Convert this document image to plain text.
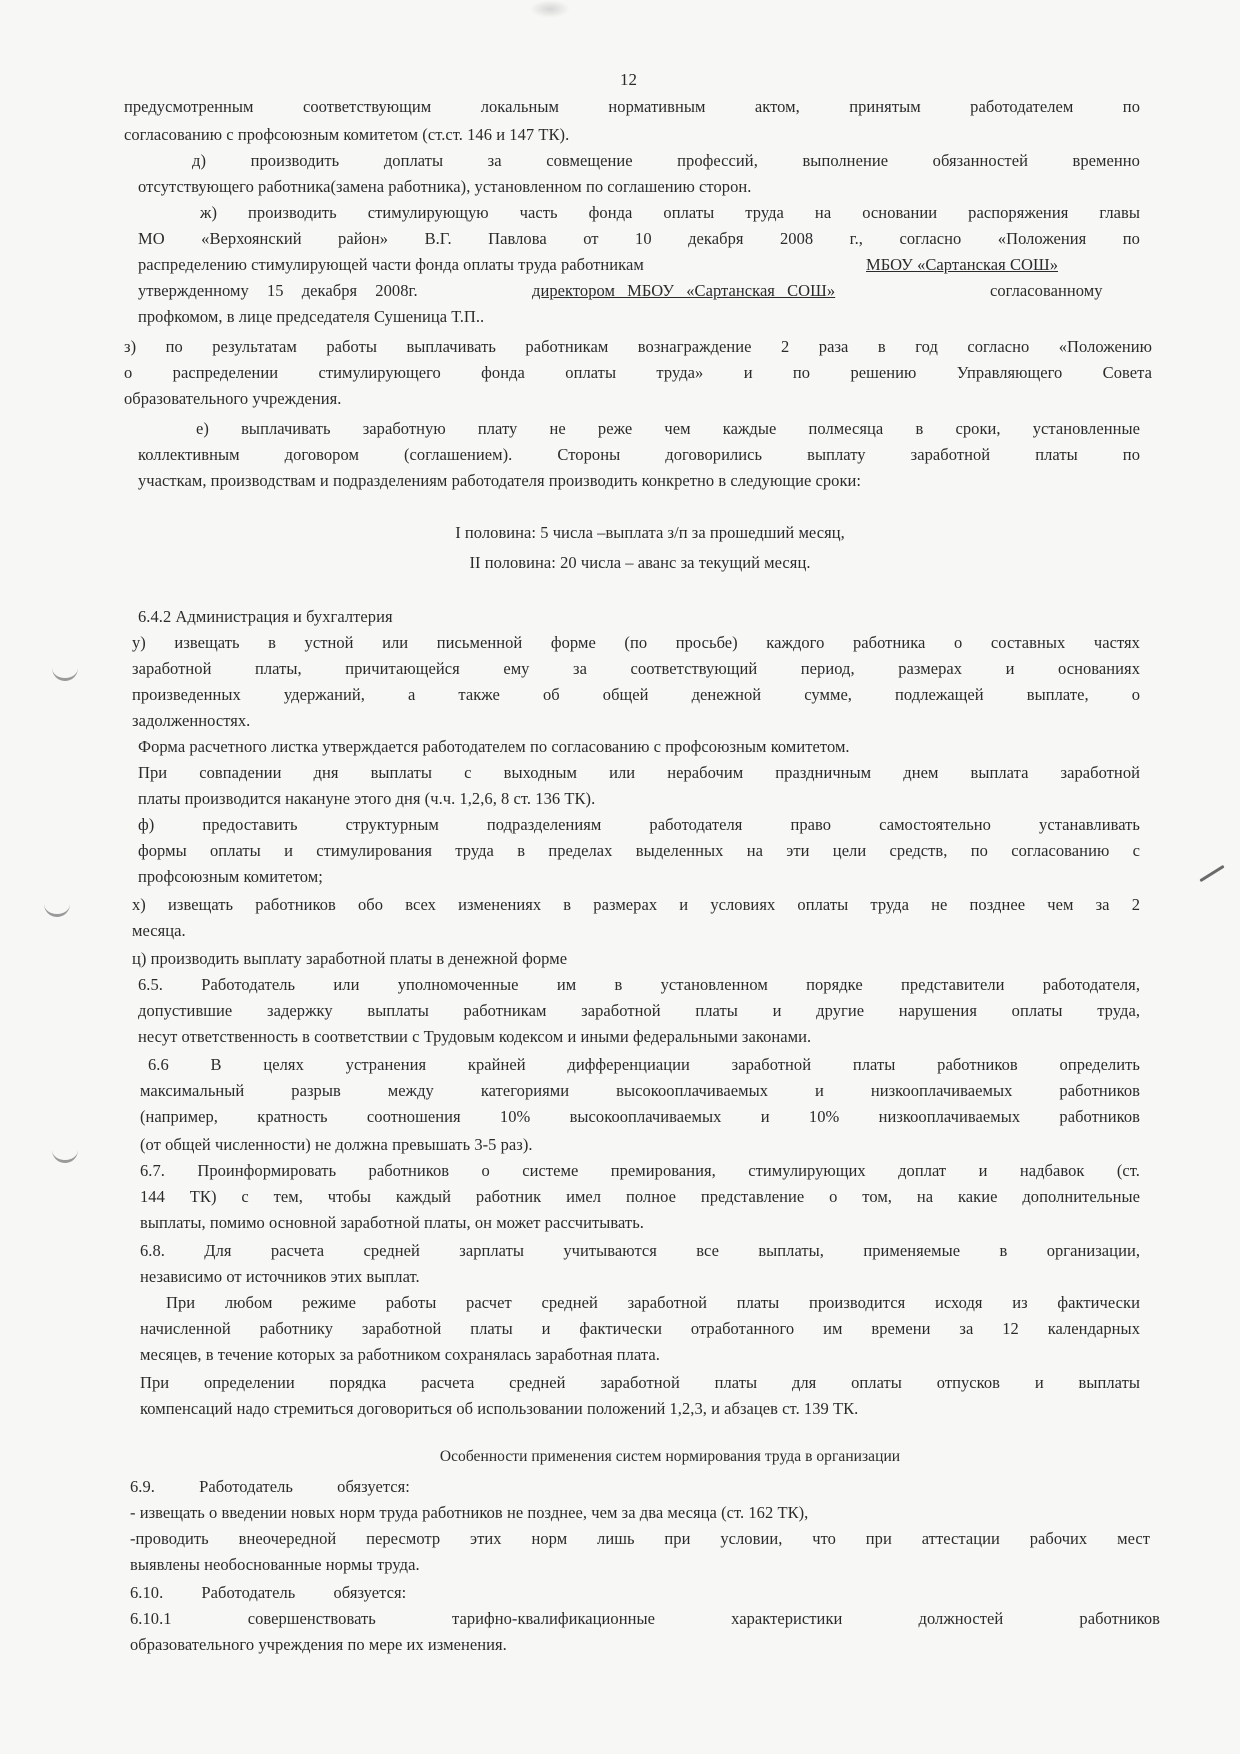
12

предусмотренным соответствующим локальным нормативным актом, принятым работодателем по

согласованию с профсоюзным комитетом (ст.ст. 146 и 147 ТК).

д) производить доплаты за совмещение профессий, выполнение обязанностей временно

отсутствующего работника(замена работника), установленном по соглашению сторон.

ж) производить стимулирующую часть фонда оплаты труда на основании распоряжения главы

МО «Верхоянский район» В.Г. Павлова от 10 декабря 2008 г., согласно «Положения по

распределению стимулирующей части фонда оплаты труда работникам	МБОУ «Сартанская СОШ»

утвержденному 15 декабря 2008г.	директором МБОУ «Сартанская СОШ»	согласованному

профкомом, в лице председателя Сушеница Т.П..

з) по результатам работы выплачивать работникам вознаграждение 2 раза в год согласно «Положению

о распределении стимулирующего фонда оплаты труда» и по решению Управляющего Совета

образовательного учреждения.

е) выплачивать заработную плату не реже чем каждые полмесяца в сроки, установленные

коллективным договором (соглашением). Стороны договорились выплату заработной платы по

участкам, производствам и подразделениям работодателя производить конкретно в следующие сроки:

I половина: 5 числа –выплата з/п за прошедший месяц,

II половина: 20 числа – аванс за текущий месяц.

6.4.2 Администрация и бухгалтерия

у) извещать в устной или письменной форме (по просьбе) каждого работника о составных частях

заработной платы, причитающейся ему за соответствующий период, размерах и основаниях

произведенных удержаний, а также об общей денежной сумме, подлежащей выплате, о

задолженностях.

Форма расчетного листка утверждается работодателем по согласованию с профсоюзным комитетом.

При совпадении дня выплаты с выходным или нерабочим праздничным днем выплата заработной

платы производится накануне этого дня (ч.ч. 1,2,6, 8 ст. 136 ТК).

ф) предоставить структурным подразделениям работодателя право самостоятельно устанавливать

формы оплаты и стимулирования труда в пределах выделенных на эти цели средств, по согласованию с

профсоюзным комитетом;

х) извещать работников обо всех изменениях в размерах и условиях оплаты труда не позднее чем за 2

месяца.

ц) производить выплату заработной платы в денежной форме

6.5. Работодатель или уполномоченные им в установленном порядке представители работодателя,

допустившие задержку выплаты работникам заработной платы и другие нарушения оплаты труда,

несут ответственность в соответствии с Трудовым кодексом и иными федеральными законами.

6.6 В целях устранения крайней дифференциации заработной платы работников определить

максимальный разрыв между категориями высокооплачиваемых и низкооплачиваемых работников

(например, кратность соотношения 10% высокооплачиваемых и 10% низкооплачиваемых работников

(от общей численности) не должна превышать 3-5 раз).

6.7. Проинформировать работников о системе премирования, стимулирующих доплат и надбавок (ст.

144 ТК) с тем, чтобы каждый работник имел полное представление о том, на какие дополнительные

выплаты, помимо основной заработной платы, он может рассчитывать.

6.8. Для расчета средней зарплаты учитываются все выплаты, применяемые в организации,

независимо от источников этих выплат.

При любом режиме работы расчет средней заработной платы производится исходя из фактически

начисленной работнику заработной платы и фактически отработанного им времени за 12 календарных

месяцев, в течение которых за работником сохранялась заработная плата.

При определении порядка расчета средней заработной платы для оплаты отпусков и выплаты

компенсаций надо стремиться договориться об использовании положений 1,2,3, и абзацев ст. 139 ТК.

Особенности применения систем нормирования труда в организации

6.9. Работодатель обязуется:

- извещать о введении новых норм труда работников не позднее, чем за два месяца (ст. 162 ТК),

-проводить внеочередной пересмотр этих норм лишь при условии, что при аттестации рабочих мест

выявлены необоснованные нормы труда.

6.10. Работодатель обязуется:

6.10.1 совершенствовать тарифно-квалификационные характеристики должностей работников

образовательного учреждения по мере их изменения.
